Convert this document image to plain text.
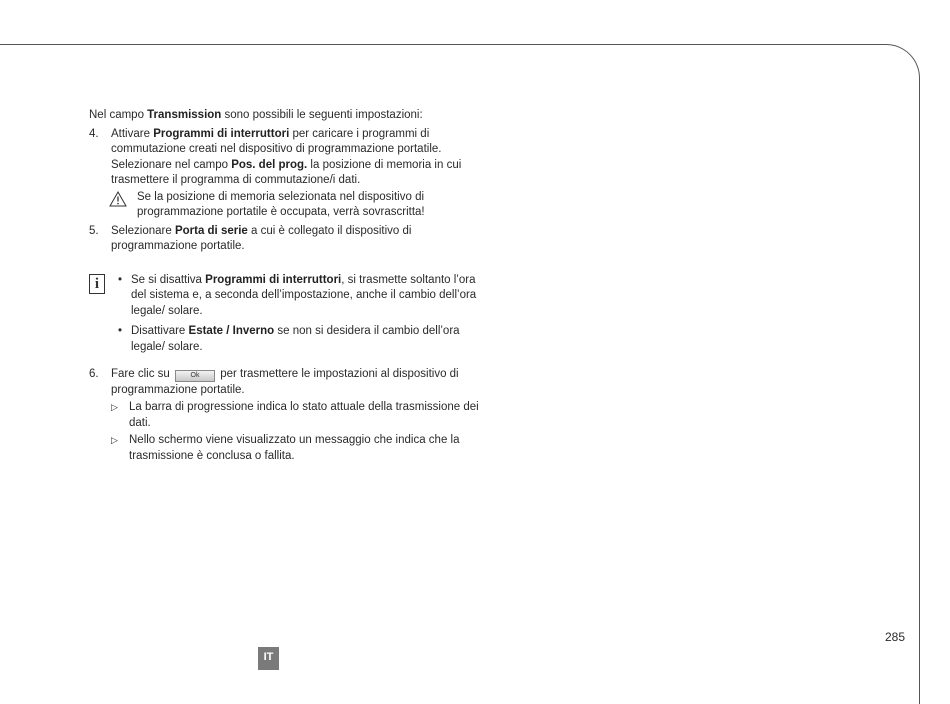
Nel campo Transmission sono possibili le seguenti impostazioni:
4.	Attivare Programmi di interruttori per caricare i programmi di commutazione creati nel dispositivo di programmazione portatile. Selezionare nel campo Pos. del prog. la posizione di memoria in cui trasmettere il programma di commutazione/i dati.
Se la posizione di memoria selezionata nel dispositivo di programmazione portatile è occupata, verrà sovrascritta!
5.	Selezionare Porta di serie a cui è collegato il dispositivo di programmazione portatile.
i	• Se si disattiva Programmi di interruttori, si trasmette soltanto l’ora del sistema e, a seconda dell’impostazione, anche il cambio dell’ora legale/ solare.
• Disattivare Estate / Inverno se non si desidera il cambio dell’ora legale/ solare.
6.	Fare clic su	Ok per trasmettere le impostazioni al dispositivo di programmazione portatile.
▷ La barra di progressione indica lo stato attuale della trasmissione dei dati.
▷ Nello schermo viene visualizzato un messaggio che indica che la trasmissione è conclusa o fallita.
285
IT
